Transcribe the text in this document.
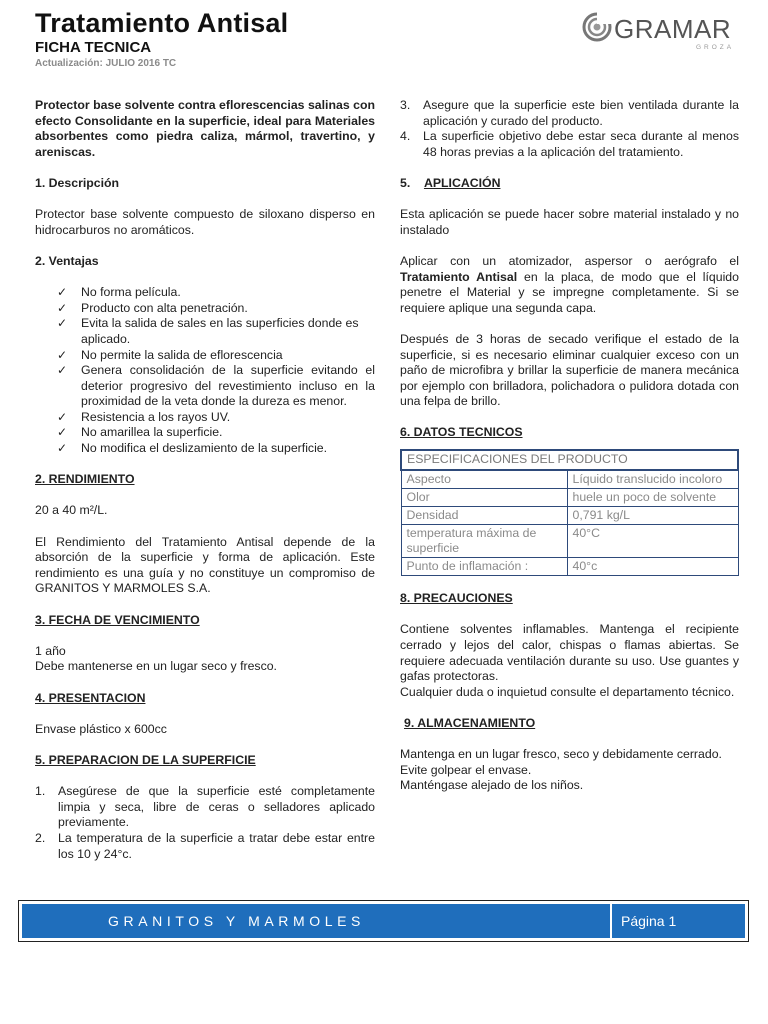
Tratamiento Antisal
FICHA TECNICA
Actualización: JULIO 2016 TC
GRAMAR
GROZA

Protector base solvente contra eflorescencias salinas con efecto Consolidante en la superficie, ideal para Materiales absorbentes como piedra caliza, mármol, travertino, y areniscas.

1. Descripción

Protector base solvente compuesto de siloxano disperso en hidrocarburos no aromáticos.

2. Ventajas
✓ No forma película.
✓ Producto con alta penetración.
✓ Evita la salida de sales en las superficies donde es aplicado.
✓ No permite la salida de eflorescencia
✓ Genera consolidación de la superficie evitando el deterior progresivo del revestimiento incluso en la proximidad de la veta donde la dureza es menor.
✓ Resistencia a los rayos UV.
✓ No amarillea la superficie.
✓ No modifica el deslizamiento de la superficie.
2. RENDIMIENTO

20 a 40 m²/L.

El Rendimiento del Tratamiento Antisal depende de la absorción de la superficie y forma de aplicación. Este rendimiento es una guía y no constituye un compromiso de GRANITOS Y MARMOLES S.A.

3. FECHA DE VENCIMIENTO

1 año

Debe mantenerse en un lugar seco y fresco.

4. PRESENTACION

Envase plástico x 600cc

5. PREPARACION DE LA SUPERFICIE
1. Asegúrese de que la superficie esté completamente limpia y seca, libre de ceras o selladores aplicado previamente.
2. La temperatura de la superficie a tratar debe estar entre los 10 y 24°c.
3. Asegure que la superficie este bien ventilada durante la aplicación y curado del producto.
4. La superficie objetivo debe estar seca durante al menos 48 horas previas a la aplicación del tratamiento.
5. APLICACIÓN

Esta aplicación se puede hacer sobre material instalado y no instalado

Aplicar con un atomizador, aspersor o aerógrafo el Tratamiento Antisal en la placa, de modo que el líquido penetre el Material y se impregne completamente. Si se requiere aplique una segunda capa.

Después de 3 horas de secado verifique el estado de la superficie, si es necesario eliminar cualquier exceso con un paño de microfibra y brillar la superficie de manera mecánica por ejemplo con brilladora, polichadora o pulidora dotada con una felpa de brillo.

6. DATOS TECNICOS
ESPECIFICACIONES DEL PRODUCTO	
Aspecto	Líquido translucido incoloro
Olor	huele un poco de solvente
Densidad	0,791 kg/L
temperatura máxima de superficie	40°C
Punto de inflamación :	40°c
8. PRECAUCIONES

Contiene solventes inflamables. Mantenga el recipiente cerrado y lejos del calor, chispas o flamas abiertas. Se requiere adecuada ventilación durante su uso. Use guantes y gafas protectoras.

Cualquier duda o inquietud consulte el departamento técnico.

9. ALMACENAMIENTO

Mantenga en un lugar fresco, seco y debidamente cerrado.

Evite golpear el envase.

Manténgase alejado de los niños.

GRANITOS Y MARMOLES S.A WWW.GRAMAR.COM
Página 1
